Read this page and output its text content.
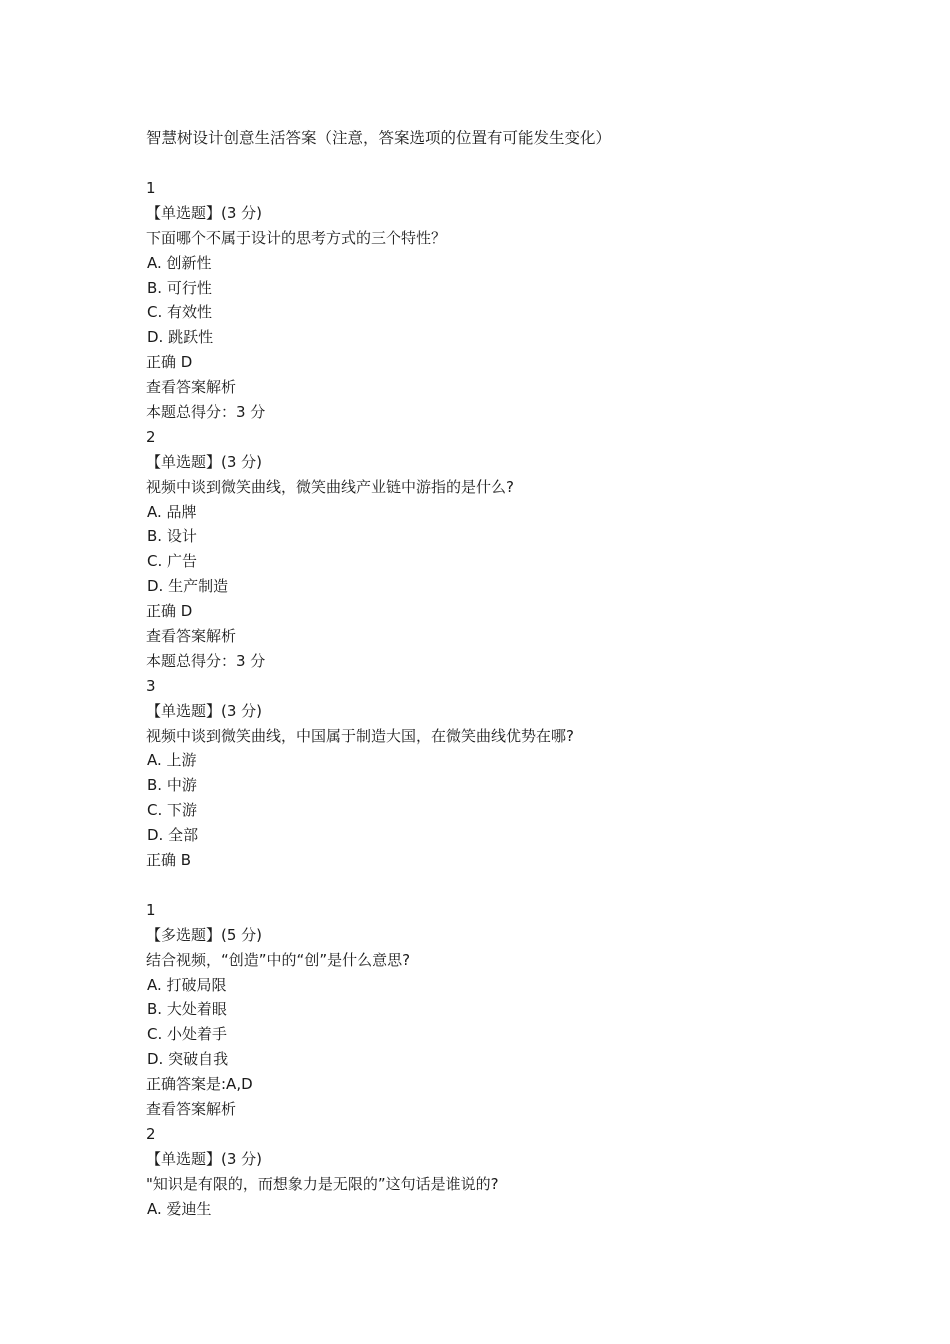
智慧树设计创意生活答案（注意，答案选项的位置有可能发生变化）
1
【单选题】(3 分)
下面哪个不属于设计的思考方式的三个特性？
A. 创新性
B. 可行性
C. 有效性
D. 跳跃性
正确 D
查看答案解析
本题总得分：3 分
2
【单选题】(3 分)
视频中谈到微笑曲线，微笑曲线产业链中游指的是什么?
A. 品牌
B. 设计
C. 广告
D. 生产制造
正确 D
查看答案解析
本题总得分：3 分
3
【单选题】(3 分)
视频中谈到微笑曲线，中国属于制造大国，在微笑曲线优势在哪?
A. 上游
B. 中游
C. 下游
D. 全部
正确 B
1
【多选题】(5 分)
结合视频，“创造”中的“创”是什么意思?
A. 打破局限
B. 大处着眼
C. 小处着手
D. 突破自我
正确答案是:A,D
查看答案解析
2
【单选题】(3 分)
"知识是有限的，而想象力是无限的”这句话是谁说的?
A. 爱迪生
